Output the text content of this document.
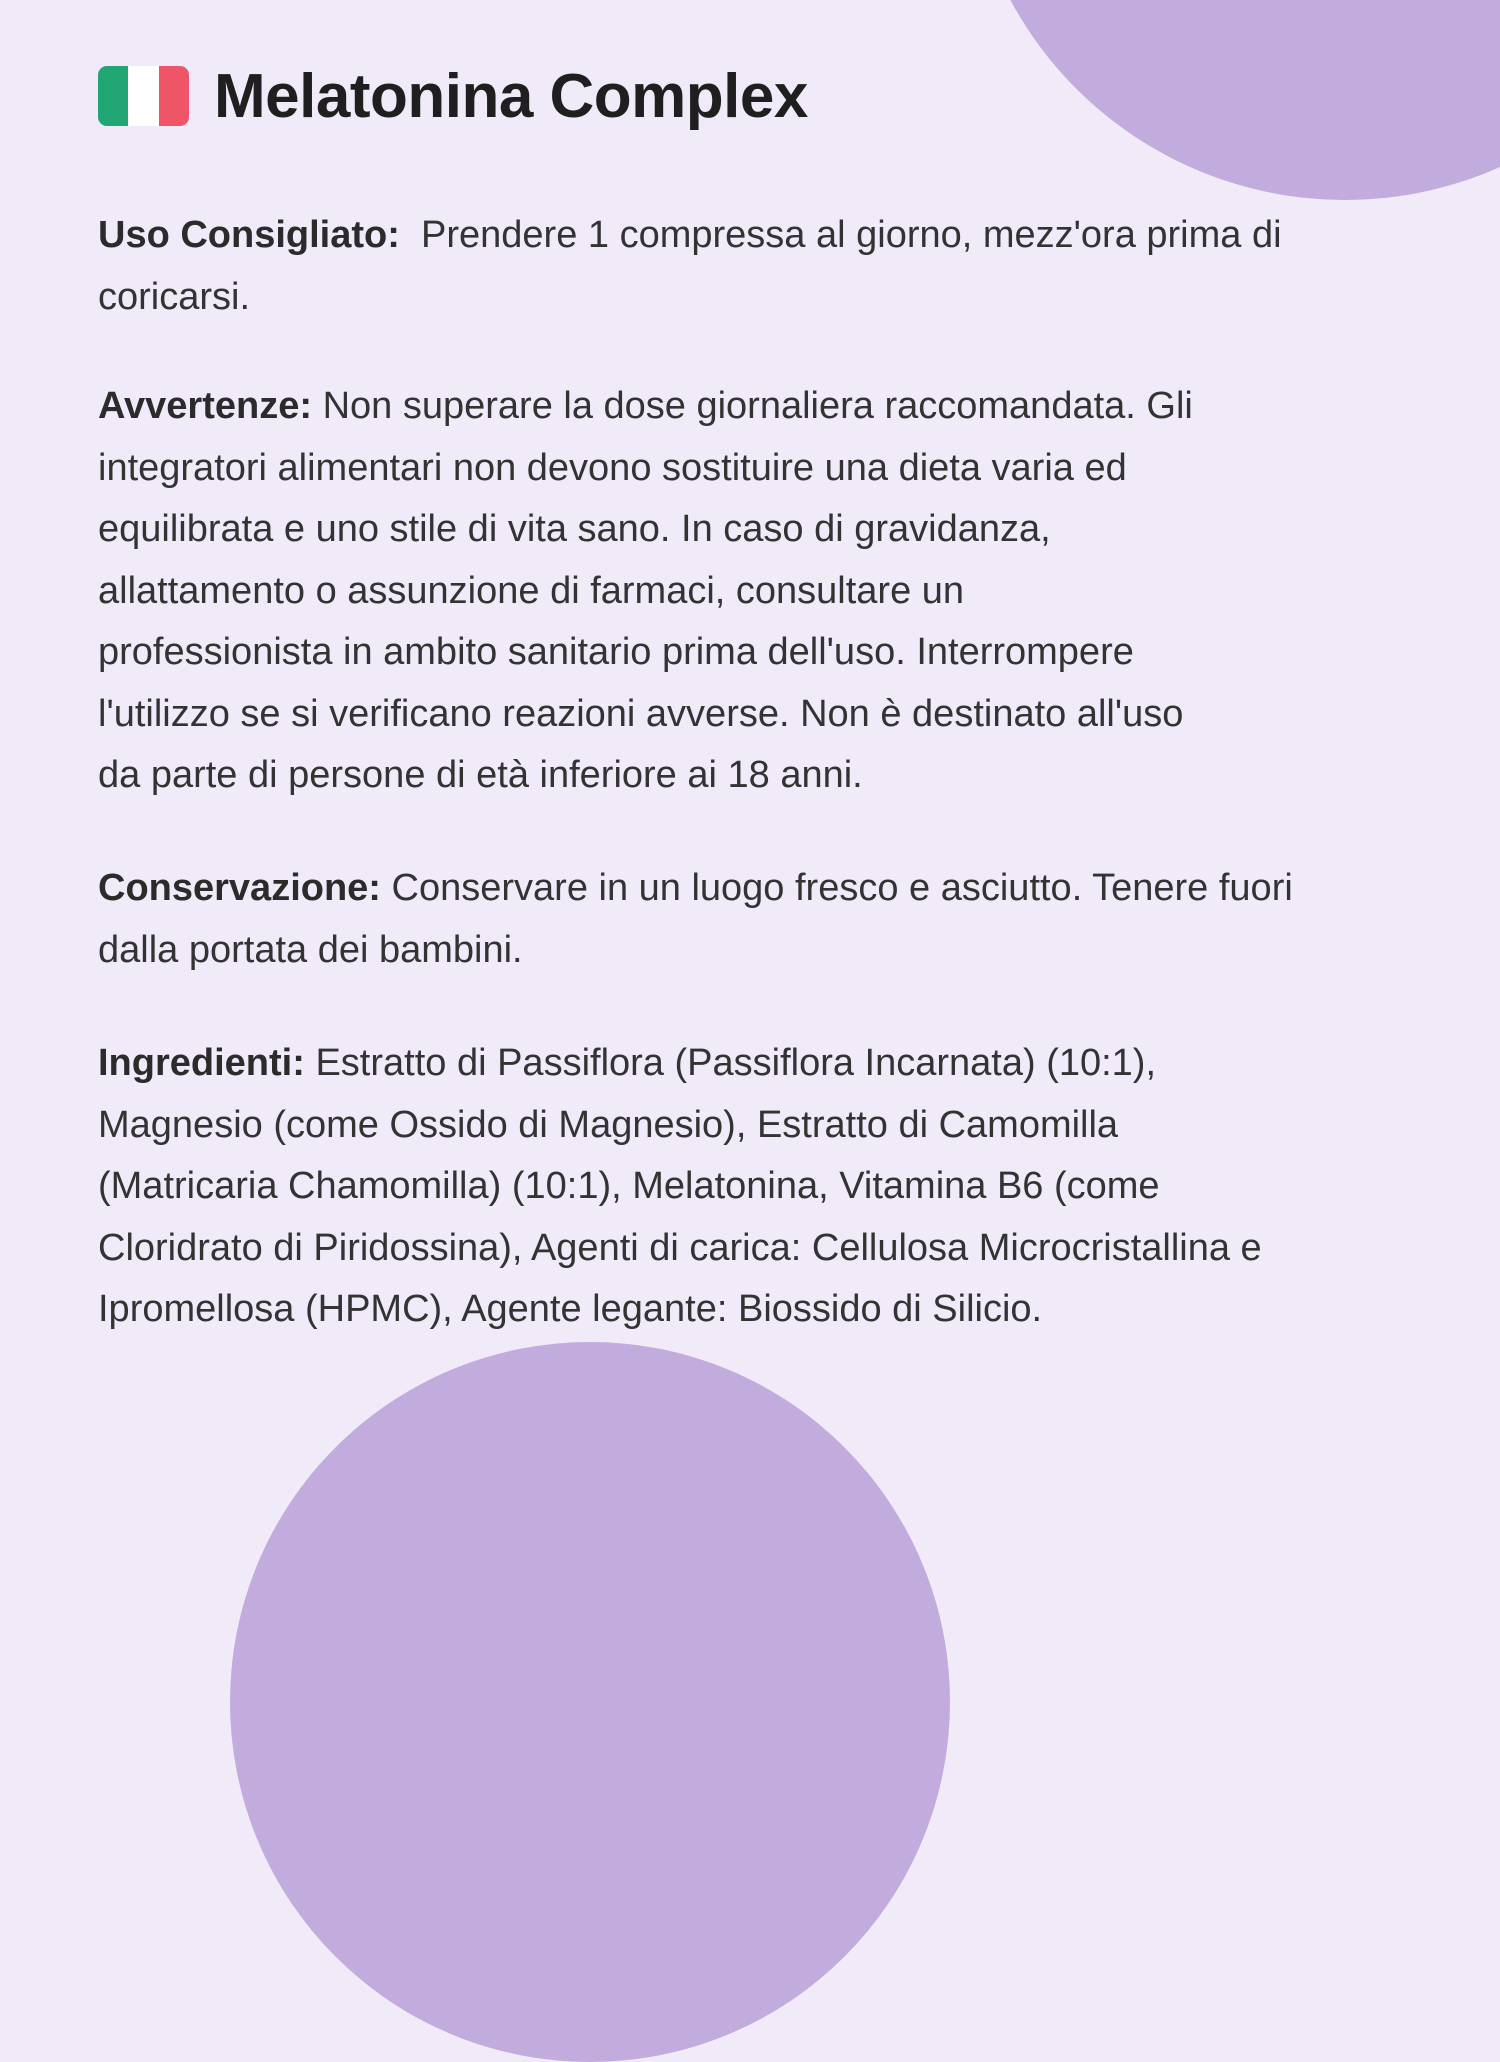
Melatonina Complex

Uso Consigliato: Prendere 1 compressa al giorno, mezz'ora prima di
coricarsi.

Avvertenze: Non superare la dose giornaliera raccomandata. Gli
integratori alimentari non devono sostituire una dieta varia ed
equilibrata e uno stile di vita sano. In caso di gravidanza,
allattamento o assunzione di farmaci, consultare un
professionista in ambito sanitario prima dell'uso. Interrompere
l'utilizzo se si verificano reazioni avverse. Non è destinato all'uso
da parte di persone di età inferiore ai 18 anni.

Conservazione: Conservare in un luogo fresco e asciutto. Tenere fuori
dalla portata dei bambini.

Ingredienti: Estratto di Passiflora (Passiflora Incarnata) (10:1),
Magnesio (come Ossido di Magnesio), Estratto di Camomilla
(Matricaria Chamomilla) (10:1), Melatonina, Vitamina B6 (come
Cloridrato di Piridossina), Agenti di carica: Cellulosa Microcristallina e
Ipromellosa (HPMC), Agente legante: Biossido di Silicio.
